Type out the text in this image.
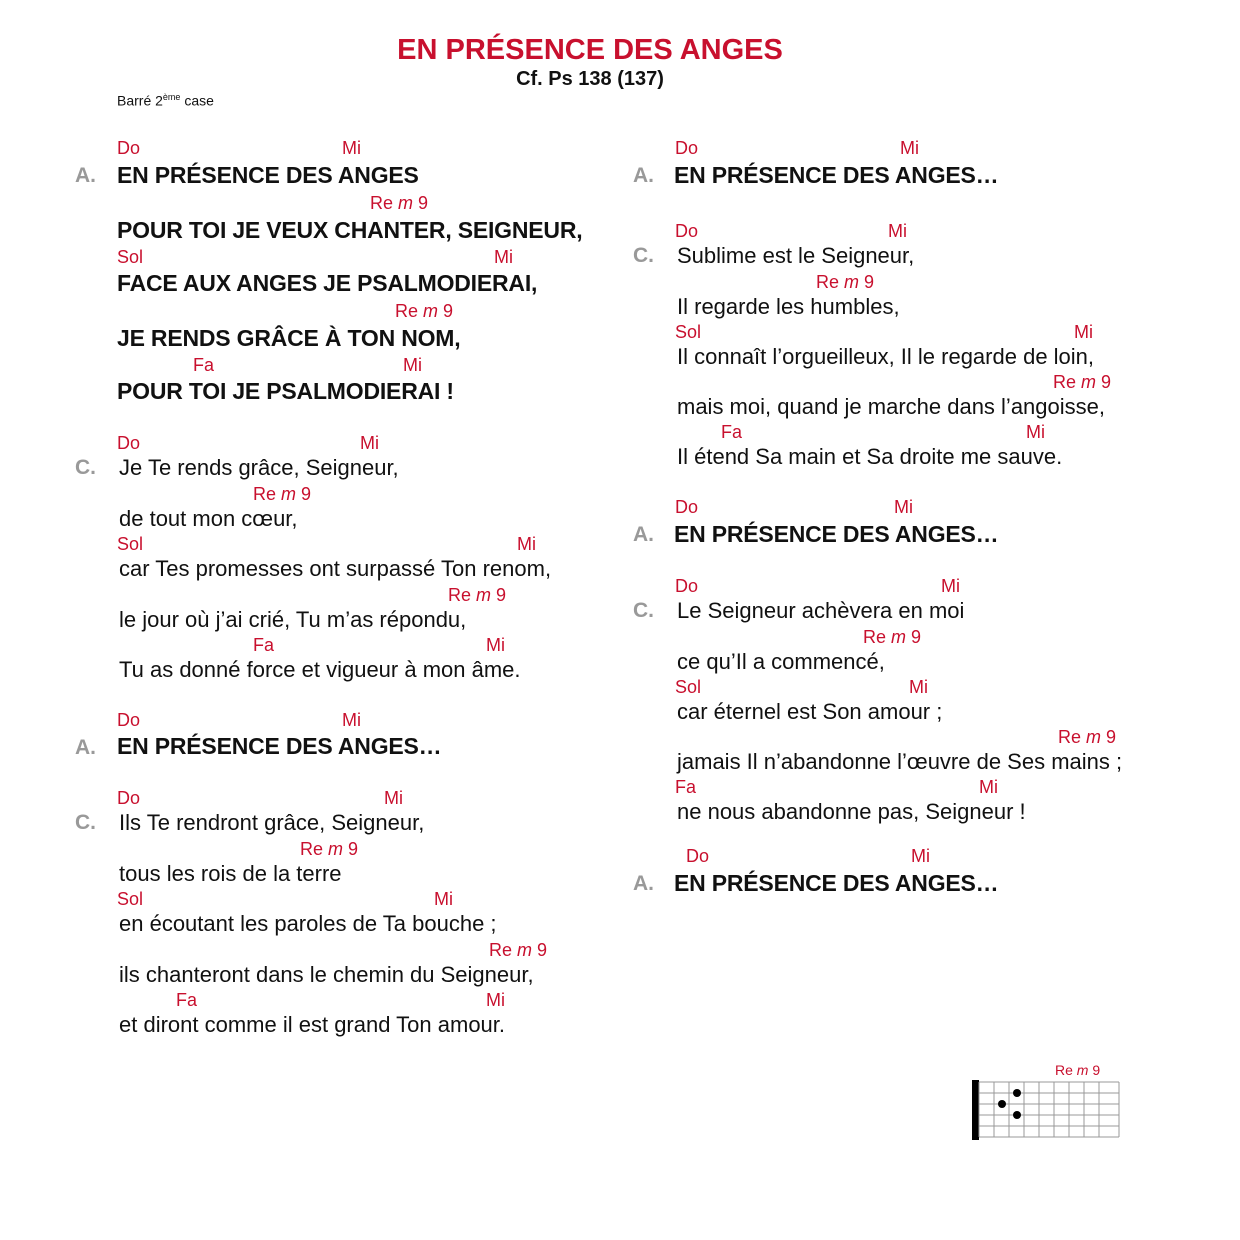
EN PRÉSENCE DES ANGES
Cf. Ps 138 (137)
Barré 2ème case
Do	Mi
A. EN PRÉSENCE DES ANGES
Re m 9
POUR TOI JE VEUX CHANTER, SEIGNEUR,
Sol	Mi
FACE AUX ANGES JE PSALMODIERAI,
Re m 9
JE RENDS GRÂCE À TON NOM,
Fa	Mi
POUR TOI JE PSALMODIERAI !
Do	Mi
C. Je Te rends grâce, Seigneur,
Re m 9
de tout mon cœur,
Sol	Mi
car Tes promesses ont surpassé Ton renom,
Re m 9
le jour où j’ai crié, Tu m’as répondu,
Fa	Mi
Tu as donné force et vigueur à mon âme.
Do	Mi
A. EN PRÉSENCE DES ANGES…
Do	Mi
C. Ils Te rendront grâce, Seigneur,
Re m 9
tous les rois de la terre
Sol	Mi
en écoutant les paroles de Ta bouche ;
Re m 9
ils chanteront dans le chemin du Seigneur,
Fa	Mi
et diront comme il est grand Ton amour.
Do	Mi
A. EN PRÉSENCE DES ANGES…
Do	Mi
C. Sublime est le Seigneur,
Re m 9
Il regarde les humbles,
Sol	Mi
Il connaît l’orgueilleux, Il le regarde de loin,
Re m 9
mais moi, quand je marche dans l’angoisse,
Fa	Mi
Il étend Sa main et Sa droite me sauve.
Do	Mi
A. EN PRÉSENCE DES ANGES…
Do	Mi
C. Le Seigneur achèvera en moi
Re m 9
ce qu’Il a commencé,
Sol	Mi
car éternel est Son amour ;
Re m 9
jamais Il n’abandonne l’œuvre de Ses mains ;
Fa	Mi
ne nous abandonne pas, Seigneur !
Do	Mi
A. EN PRÉSENCE DES ANGES…
Re m 9
